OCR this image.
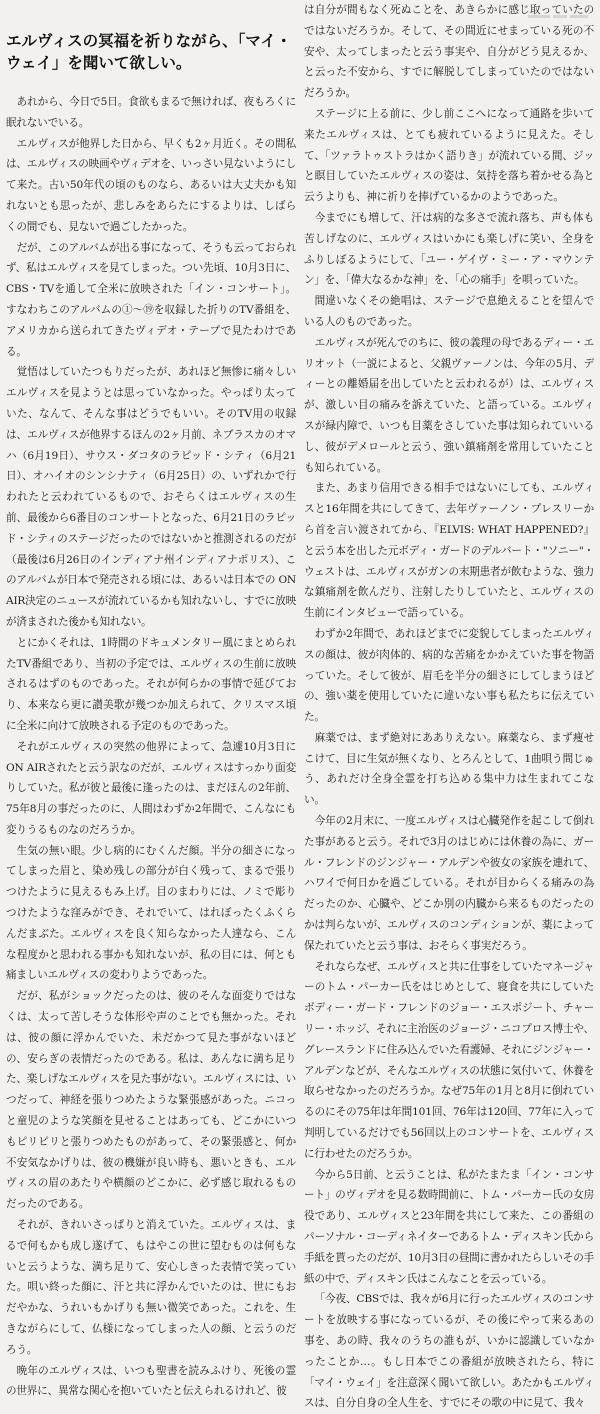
エルヴィスの冥福を祈りながら、「マイ・ウェイ」を聞いて欲しい。

あれから、今日で5日。食欲もまるで無ければ、夜もろくに眠れないでいる。

エルヴィスが他界した日から、早くも2ヶ月近く。その間私は、エルヴィスの映画やヴィデオを、いっさい見ないようにして来た。古い50年代の頃のものなら、あるいは大丈夫かも知れないとも思ったが、悲しみをあらたにするよりは、しばらくの間でも、見ないで過ごしたかった。

だが、このアルバムが出る事になって、そうも云っておられず、私はエルヴィスを見てしまった。つい先頃、10月3日に、CBS・TVを通して全米に放映された「イン・コンサート」。すなわちこのアルバムの①〜⑲を収録した折りのTV番組を、アメリカから送られてきたヴィデオ・テープで見たわけである。

覚悟はしていたつもりだったが、あれほど無惨に痛々しいエルヴィスを見ようとは思っていなかった。やっぱり太っていた、なんて、そんな事はどうでもいい。そのTV用の収録は、エルヴィスが他界するほんの2ヶ月前、ネブラスカのオマハ（6月19日）、サウス・ダコタのラピッド・シティ（6月21日）、オハイオのシンシナティ（6月25日）の、いずれかで行われたと云われているもので、おそらくはエルヴィスの生前、最後から6番目のコンサートとなった、6月21日のラピッド・シティのステージだったのではないかと推測されるのだが（最後は6月26日のインディアナ州インディアナポリス）、このアルバムが日本で発売される頃には、あるいは日本での ON AIR決定のニュースが流れているかも知れないし、すでに放映が済まされた後かも知れない。

とにかくそれは、1時間のドキュメンタリー風にまとめられたTV番組であり、当初の予定では、エルヴィスの生前に放映されるはずのものであった。それが何らかの事情で延びており、本来なら更に讃美歌が幾つか加えられて、クリスマス頃に全米に向けて放映される予定のものであった。

それがエルヴィスの突然の他界によって、急遽10月3日にON AIRされたと云う訳なのだが、エルヴィスはすっかり面変りしていた。私が彼と最後に逢ったのは、まだほんの2年前、75年8月の事だったのに、人間はわずか2年間で、こんなにも変りうるものなのだろうか。

生気の無い眼。少し病的にむくんだ顔。半分の細さになってしまった眉と、染め残しの部分が白く残って、まるで張りつけたように見えるもみ上げ。目のまわりには、ノミで彫りつけたような窪みができ、それでいて、はれぼったくふくらんだまぶた。エルヴィスを良く知らなかった人達なら、こんな程度かと思われる事かも知れないが、私の目には、何とも痛ましいエルヴィスの変わりようであった。

だが、私がショックだったのは、彼のそんな面変りではなくは、太って苦しそうな体形や声のことでも無かった。それは、彼の顔に浮かんでいた、未だかつて見た事がないほどの、安らぎの表情だったのである。私は、あんなに満ち足りた、楽しげなエルヴィスを見た事がない。エルヴィスには、いつだって、神経を張りつめたような緊張感があった。ニコっと童児のような笑顔を見せることはあっても、どこかにいつもピリピリと張りつめたものがあって、その緊張感と、何か不安気なかげりは、彼の機嫌が良い時も、悪いときも、エルヴィスの眉のあたりや横顔のどこかに、必ず感じ取れるものだったのである。

それが、きれいさっぱりと消えていた。エルヴィスは、まるで何もかも成し遂げて、もはやこの世に望むものは何もないと云うような、満ち足りて、安心しきった表情で笑っていた。唄い終った顔に、汗と共に浮かんでいたのは、世にもおだやかな、うれいもかげりも無い微笑であった。これを、生きながらにして、仏様になってしまった人の顔、と云うのだろう。

晩年のエルヴィスは、いつも聖書を読みふけり、死後の霊の世界に、異常な関心を抱いていたと伝えられるけれど、彼

は自分が間もなく死ぬことを、あきらかに感じ取っていたのではないだろうか。そして、その間近にせまっている死の不安や、太ってしまったと云う事実や、自分がどう見えるか、と云った不安から、すでに解脱してしまっていたのではないだろうか。

ステージに上る前に、少し前ここへになって通路を歩いて来たエルヴィスは、とても疲れているように見えた。そして、「ツァラトゥストラはかく語りき」が流れている間、ジッと瞑目していたエルヴィスの姿は、気持を落ち着かせる為と云うよりも、神に祈りを捧げているかのようであった。

今までにも増して、汗は病的な多さで流れ落ち、声も体も苦しげなのに、エルヴィスはいかにも楽しげに笑い、全身をふりしぼるようにして、「ユー・ゲイヴ・ミー・ア・マウンテン」を、「偉大なるかな神」を、「心の痛手」を唄っていた。

間違いなくその絶唱は、ステージで息絶えることを望んでいる人のものであった。

エルヴィスが死んでのちに、彼の義理の母であるディー・エリオット（一説によると、父親ヴァーノンは、今年の5月、ディーとの離婚届を出していたと云われるが）は、エルヴィスが、激しい目の痛みを訴えていた、と語っている。エルヴィスが緑内障で、いつも目薬をさしていた事は知られていいるし、彼がデメロールと云う、強い鎮痛剤を常用していたことも知られている。

また、あまり信用できる相手ではないにしても、エルヴィスと16年間を共にしてきて、去年ヴァーノン・プレスリーから首を言い渡されてから、『ELVIS: WHAT HAPPENED?』と云う本を出した元ボディ・ガードのデルバート・"ソニー"・ウェストは、エルヴィスがガンの末期患者が飲むような、強力な鎮痛剤を飲んだり、注射したりしていたと、エルヴィスの生前にインタビューで語っている。

わずか2年間で、あれほどまでに変貌してしまったエルヴィスの顔は、彼が肉体的、病的な苦痛をかかえていた事を物語っていた。そして彼が、眉毛を半分の細さにしてしまうほどの、強い薬を使用していたに違いない事も私たちに伝えていた。

麻薬では、まず絶対にあありえない。麻薬なら、まず痩せこけて、目に生気が無くなり、とろんとして、1曲唄う間じゅう、あれだけ全身全霊を打ち込める集中力は生まれてこない。

今年の2月末に、一度エルヴィスは心臓発作を起こして倒れた事があると云う。それで3月のはじめには休養の為に、ガール・フレンドのジンジャー・アルデンや彼女の家族を連れて、ハワイで何日かを過ごしている。それが目からくる痛みの為だったのか、心臓や、どこか別の内臓から来るものだったのかは判らないが、エルヴィスのコンディションが、薬によって保たれていたと云う事は、おそらく事実だろう。

それならなぜ、エルヴィスと共に仕事をしていたマネージャーのトム・パーカー氏をはじめとして、寝食を共にしていたボディー・ガード・フレンドのジョー・エスポジート、チャーリー・ホッジ、それに主治医のジョージ・ニコプロス博士や、グレースランドに住み込んでいた看護婦、それにジンジャー・アルデンなどが、そんなエルヴィスの状態に気付いて、休養を取らせなかったのだろうか。なぜ75年の1月と8月に倒れているのにその75年は年間101回、76年は120回、77年に入って判明しているだけでも56回以上のコンサートを、エルヴィスに行わせたのだろうか。

今から5日前、と云うことは、私がたまたま「イン・コンサート」のヴィデオを見る数時間前に、トム・パーカー氏の女房役であり、エルヴィスと23年間を共にして来た、この番組のパーソナル・コーディネイターであるトム・ディスキン氏から手紙を貰ったのだが、10月3日の昼間に書かれたらしいその手紙の中で、ディスキン氏はこんなことを云っている。

「今夜、CBSでは、我々が6月に行ったエルヴィスのコンサートを放映する事になっているが、その後にやって来るあの事を、あの時、我々のうちの誰もが、いかに認識していなかったことか…。もし日本でこの番組が放映されたら、特に「マイ・ウェイ」を注意深く聞いて欲しい。あたかもエルヴィスは、自分自身の全人生を、すでにその歌の中に見て、我々
